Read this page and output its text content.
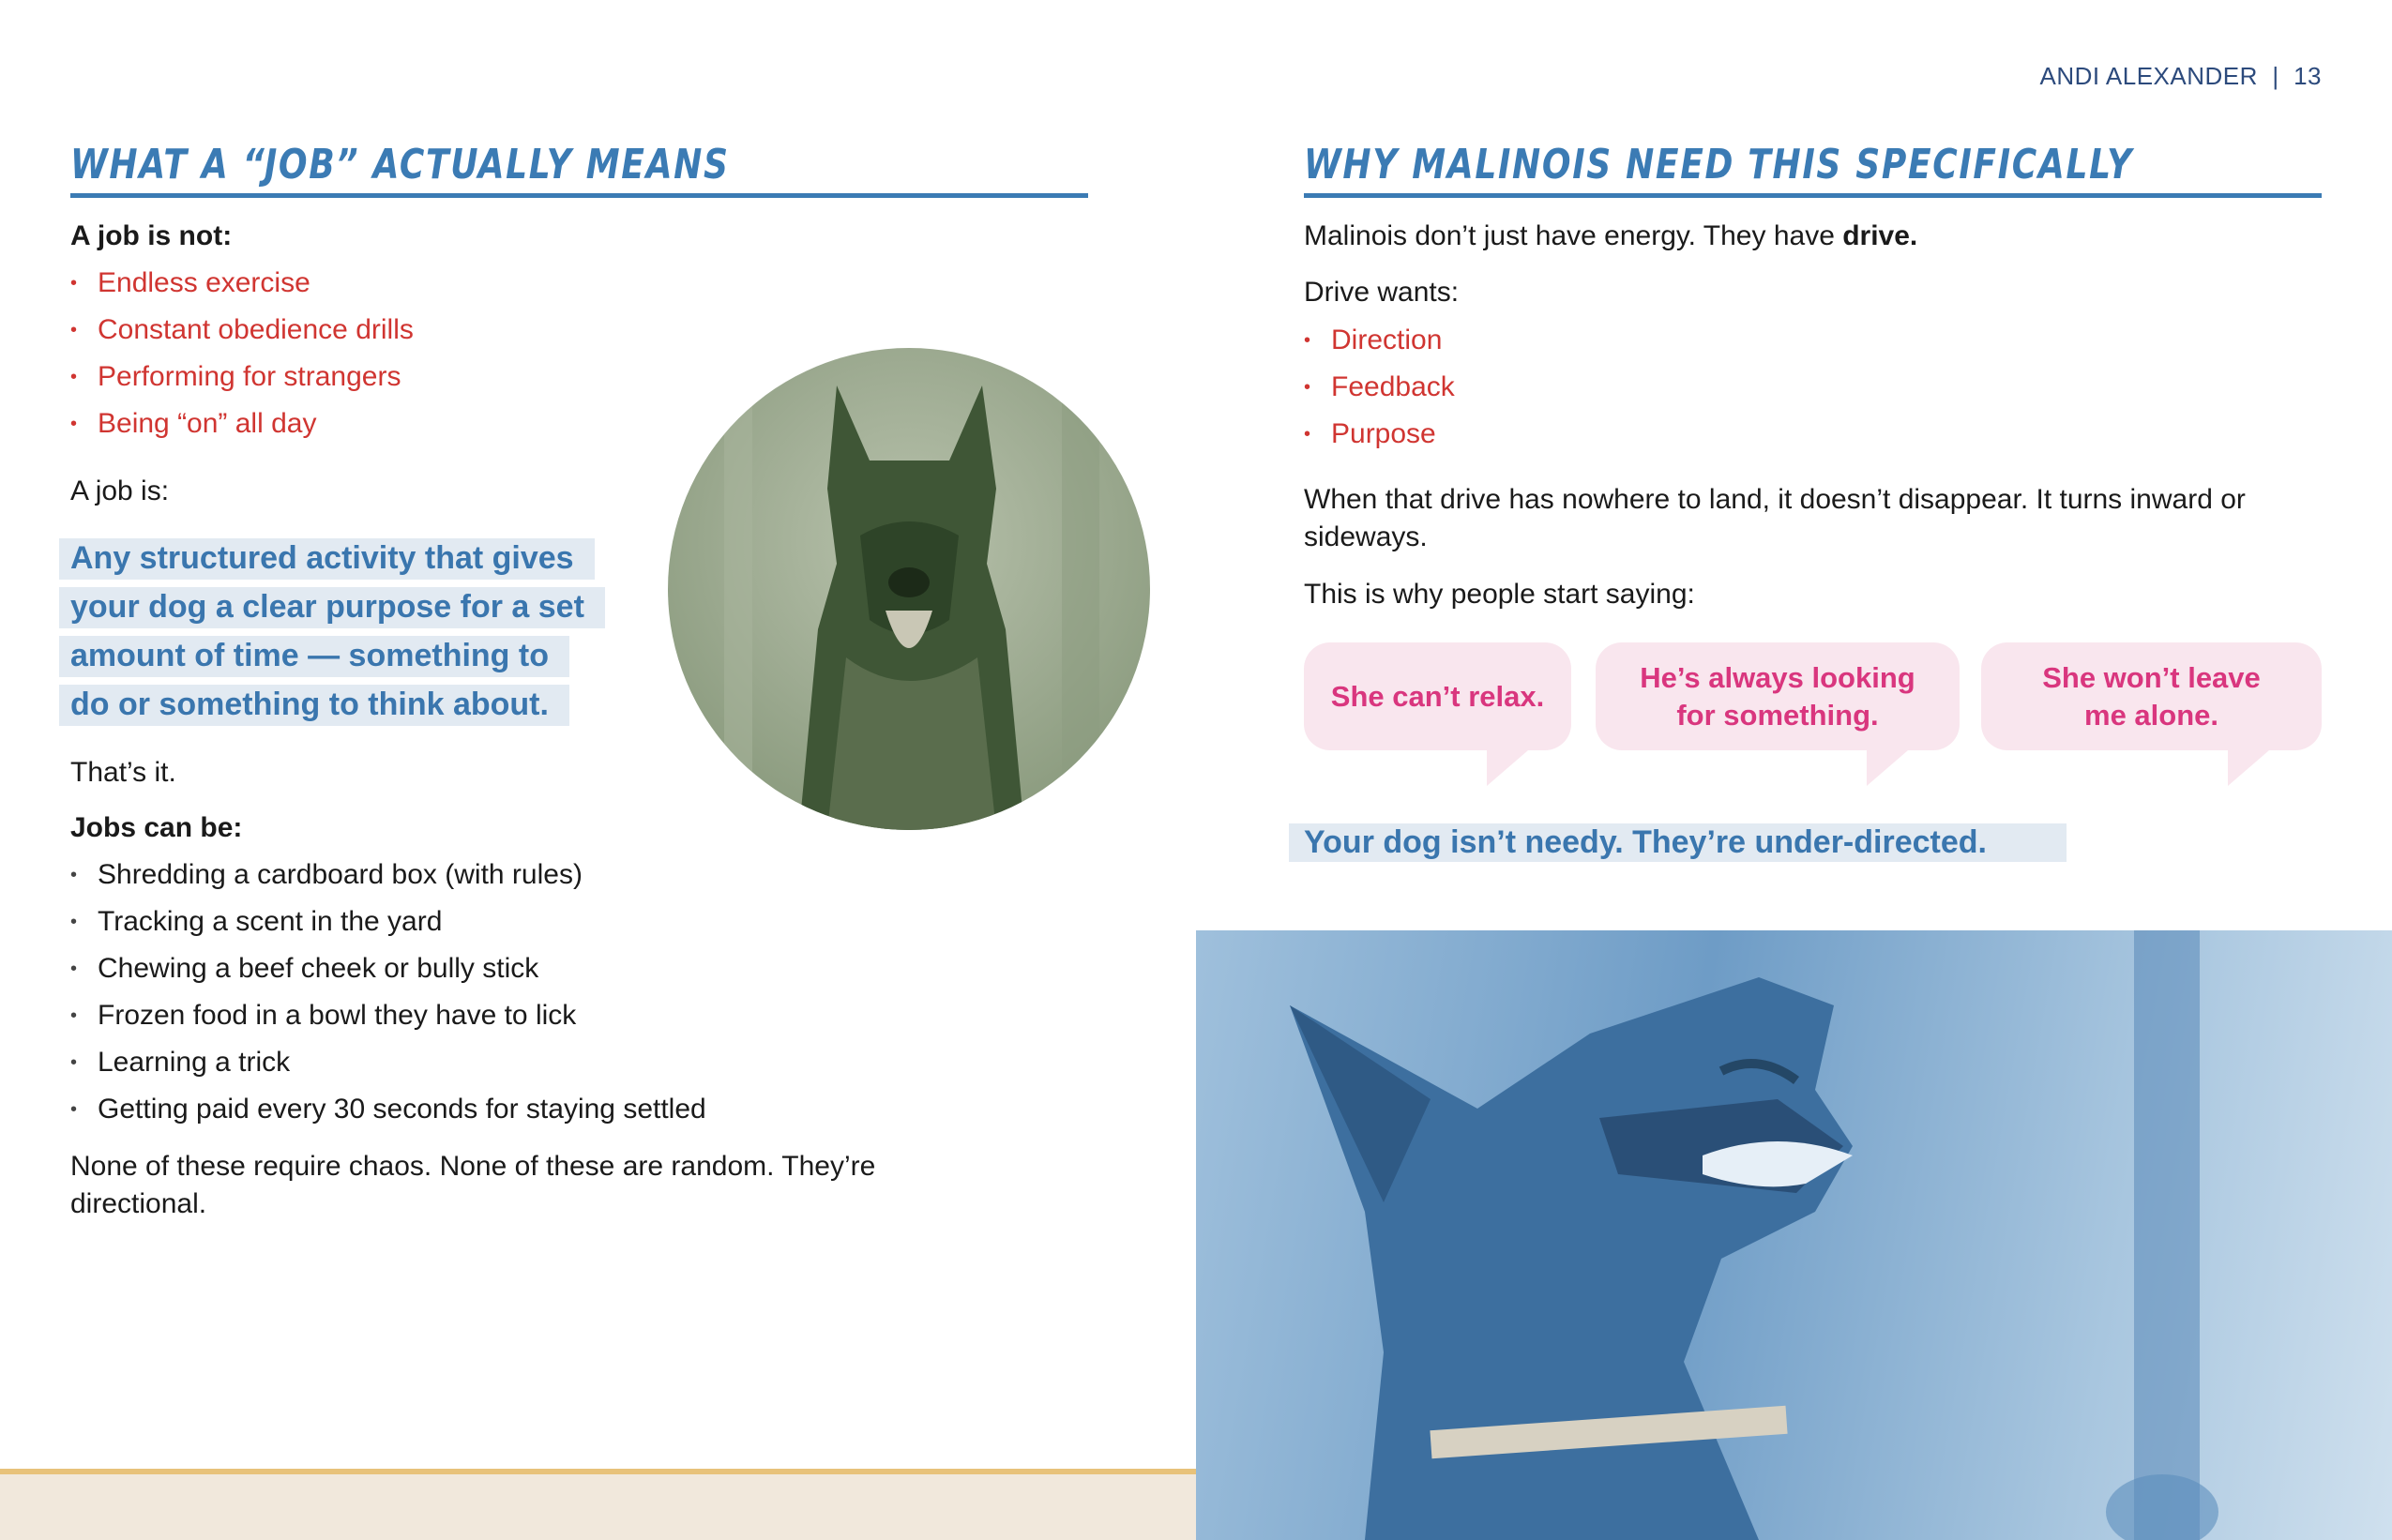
ANDI ALEXANDER | 13
WHAT A “JOB” ACTUALLY MEANS
A job is not:
• Endless exercise
• Constant obedience drills
• Performing for strangers
• Being “on” all day
A job is:
Any structured activity that gives
your dog a clear purpose for a set
amount of time — something to
do or something to think about.
That’s it.
Jobs can be:
• Shredding a cardboard box (with rules)
• Tracking a scent in the yard
• Chewing a beef cheek or bully stick
• Frozen food in a bowl they have to lick
• Learning a trick
• Getting paid every 30 seconds for staying settled
None of these require chaos. None of these are random. They’re directional.
WHY MALINOIS NEED THIS SPECIFICALLY
Malinois don’t just have energy. They have drive.
Drive wants:
• Direction
• Feedback
• Purpose
When that drive has nowhere to land, it doesn’t disappear. It turns inward or sideways.
This is why people start saying:
She can’t relax.
He’s always looking for something.
She won’t leave me alone.
Your dog isn’t needy. They’re under-directed.
